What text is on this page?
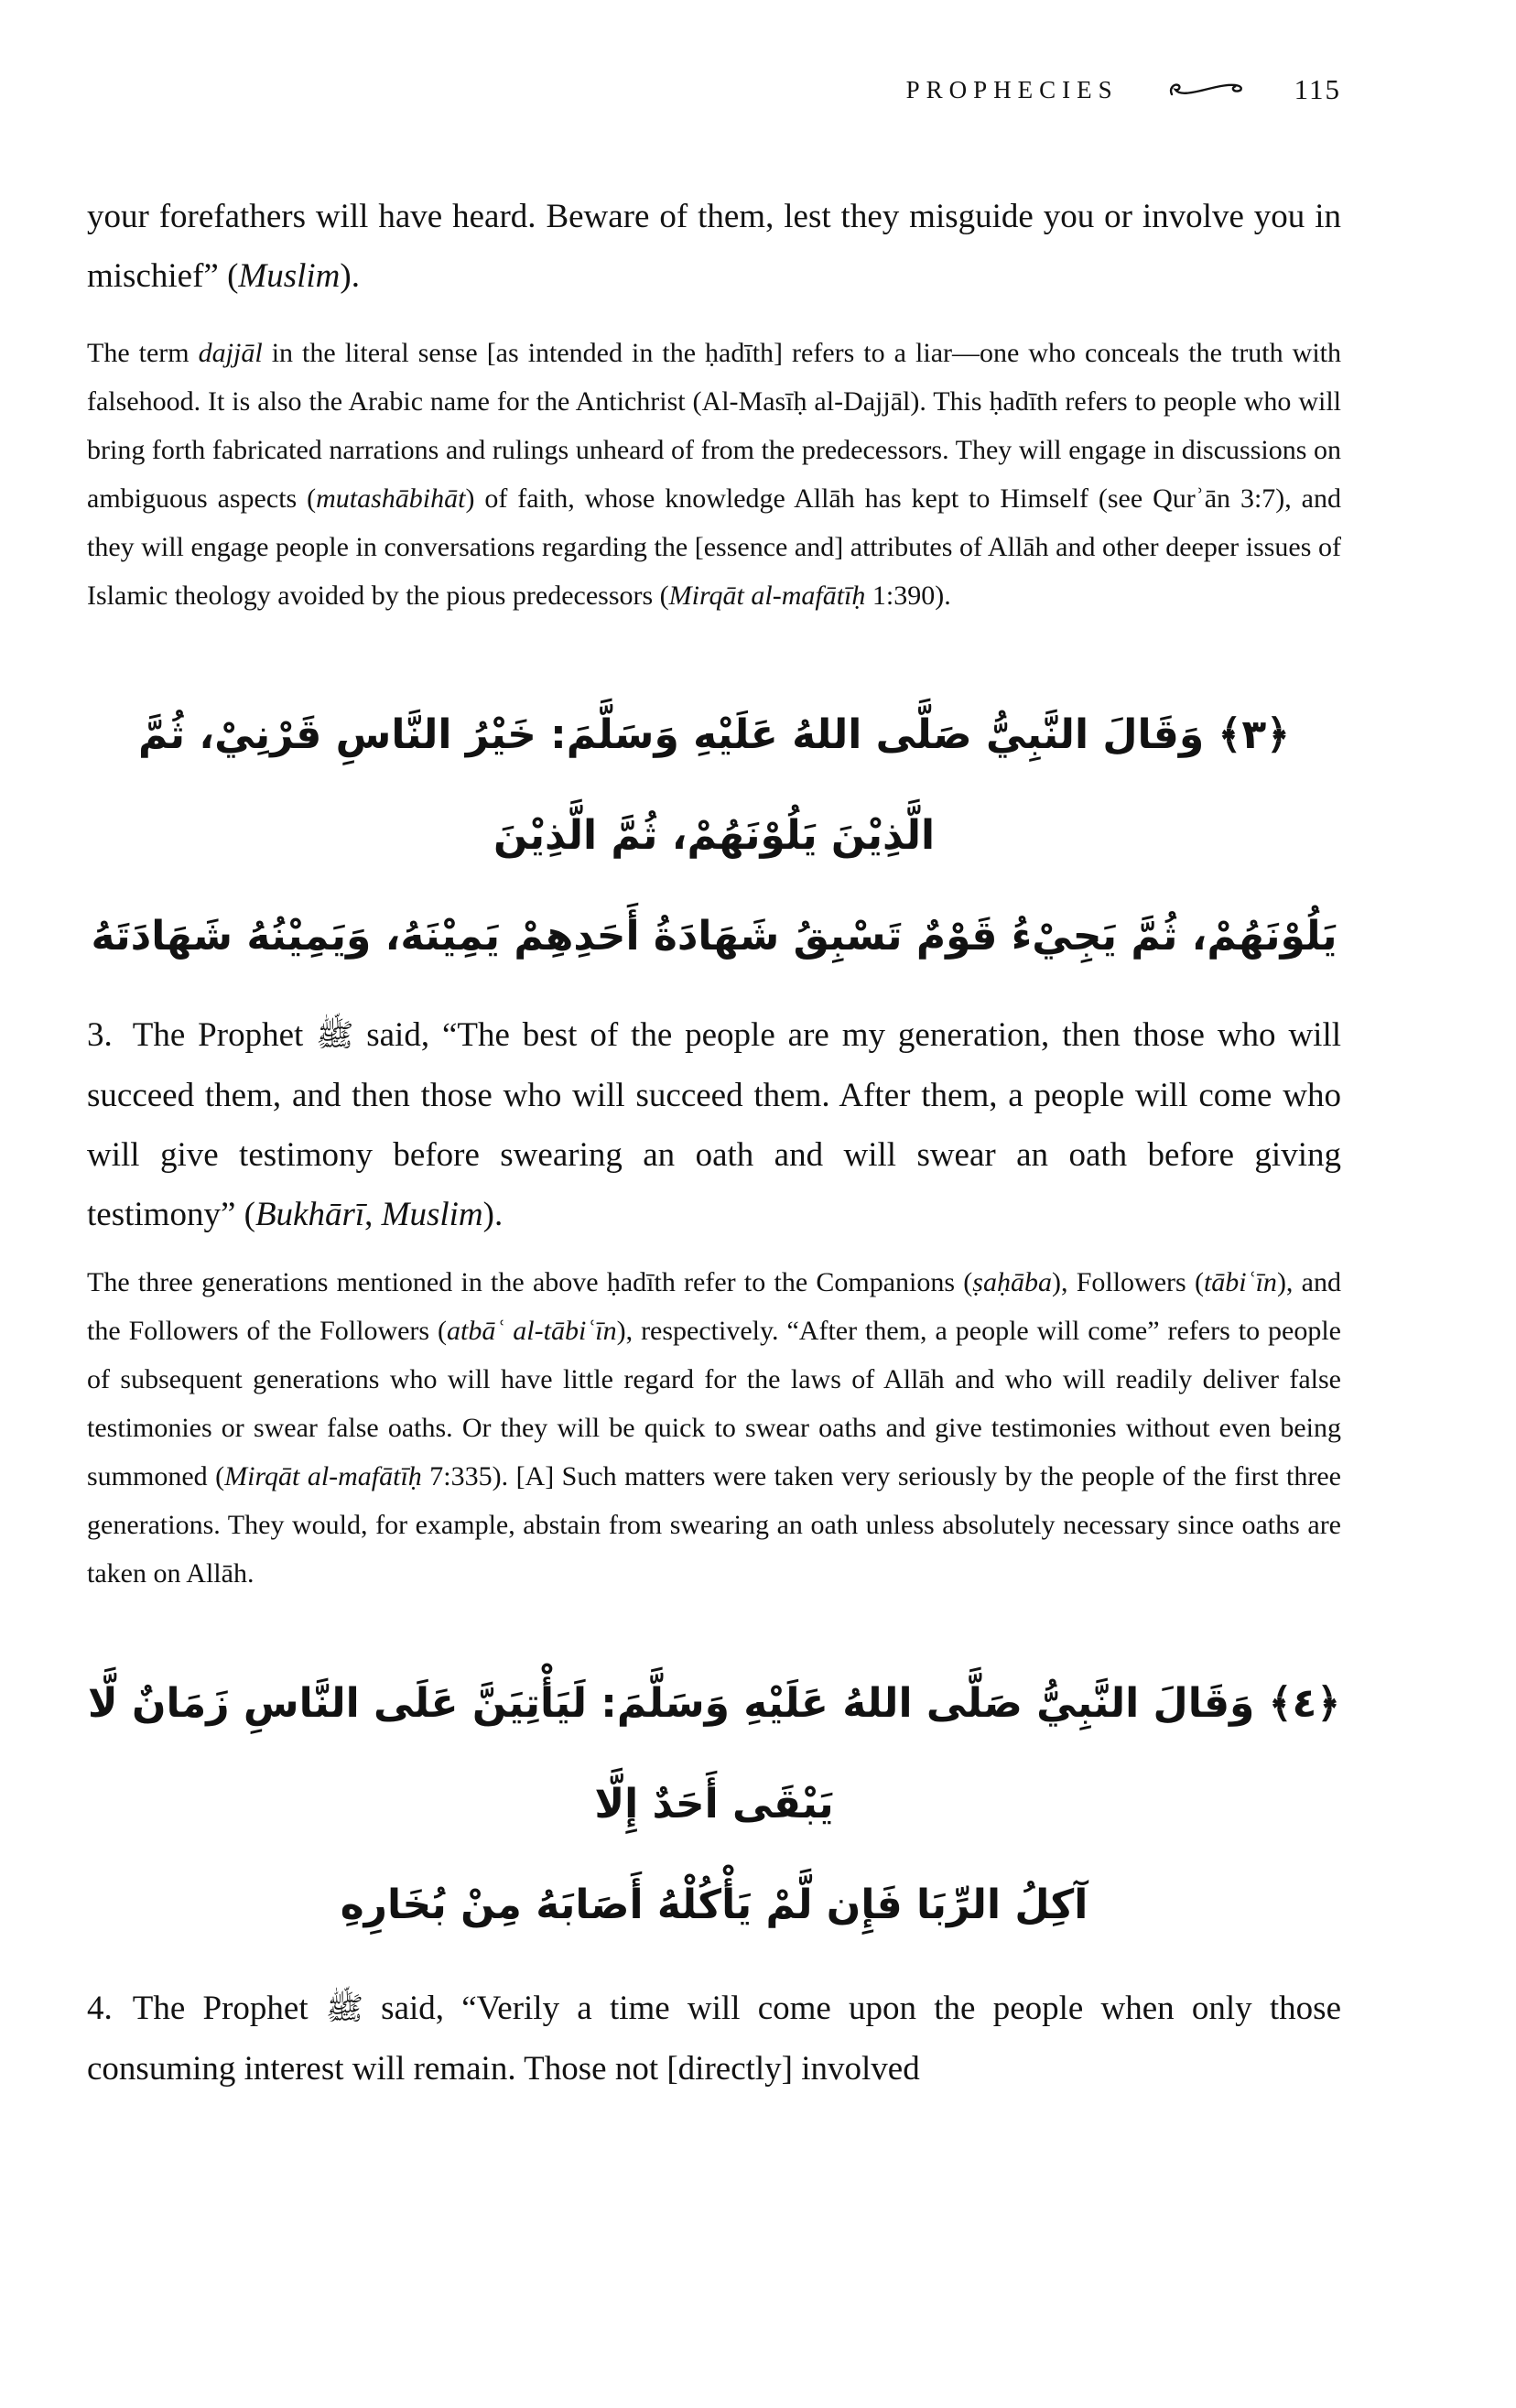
PROPHECIES	115

your forefathers will have heard. Beware of them, lest they misguide you or involve you in mischief” (Muslim).

The term dajjāl in the literal sense [as intended in the ḥadīth] refers to a liar—one who conceals the truth with falsehood. It is also the Arabic name for the Antichrist (Al-Masīḥ al-Dajjāl). This ḥadīth refers to people who will bring forth fabricated narrations and rulings unheard of from the predecessors. They will engage in discussions on ambiguous aspects (mutashābihāt) of faith, whose knowledge Allāh has kept to Himself (see Qurʾān 3:7), and they will engage people in conversations regarding the [essence and] attributes of Allāh and other deeper issues of Islamic theology avoided by the pious predecessors (Mirqāt al-mafātīḥ 1:390).

﴿٣﴾ وَقَالَ النَّبِيُّ صَلَّى اللهُ عَلَيْهِ وَسَلَّمَ: خَيْرُ النَّاسِ قَرْنِيْ، ثُمَّ الَّذِيْنَ يَلُوْنَهُمْ، ثُمَّ الَّذِيْنَ
يَلُوْنَهُمْ، ثُمَّ يَجِيْءُ قَوْمٌ تَسْبِقُ شَهَادَةُ أَحَدِهِمْ يَمِيْنَهُ، وَيَمِيْنُهُ شَهَادَتَهُ

3. The Prophet ﷺ said, “The best of the people are my generation, then those who will succeed them, and then those who will succeed them. After them, a people will come who will give testimony before swearing an oath and will swear an oath before giving testimony” (Bukhārī, Muslim).

The three generations mentioned in the above ḥadīth refer to the Companions (ṣaḥāba), Followers (tābiʿīn), and the Followers of the Followers (atbāʿ al-tābiʿīn), respectively. “After them, a people will come” refers to people of subsequent generations who will have little regard for the laws of Allāh and who will readily deliver false testimonies or swear false oaths. Or they will be quick to swear oaths and give testimonies without even being summoned (Mirqāt al-mafātīḥ 7:335). [A] Such matters were taken very seriously by the people of the first three generations. They would, for example, abstain from swearing an oath unless absolutely necessary since oaths are taken on Allāh.

﴿٤﴾ وَقَالَ النَّبِيُّ صَلَّى اللهُ عَلَيْهِ وَسَلَّمَ: لَيَأْتِيَنَّ عَلَى النَّاسِ زَمَانٌ لَّا يَبْقَى أَحَدٌ إِلَّا
آكِلُ الرِّبَا فَإِن لَّمْ يَأْكُلْهُ أَصَابَهُ مِنْ بُخَارِهِ

4. The Prophet ﷺ said, “Verily a time will come upon the people when only those consuming interest will remain. Those not [directly] involved
